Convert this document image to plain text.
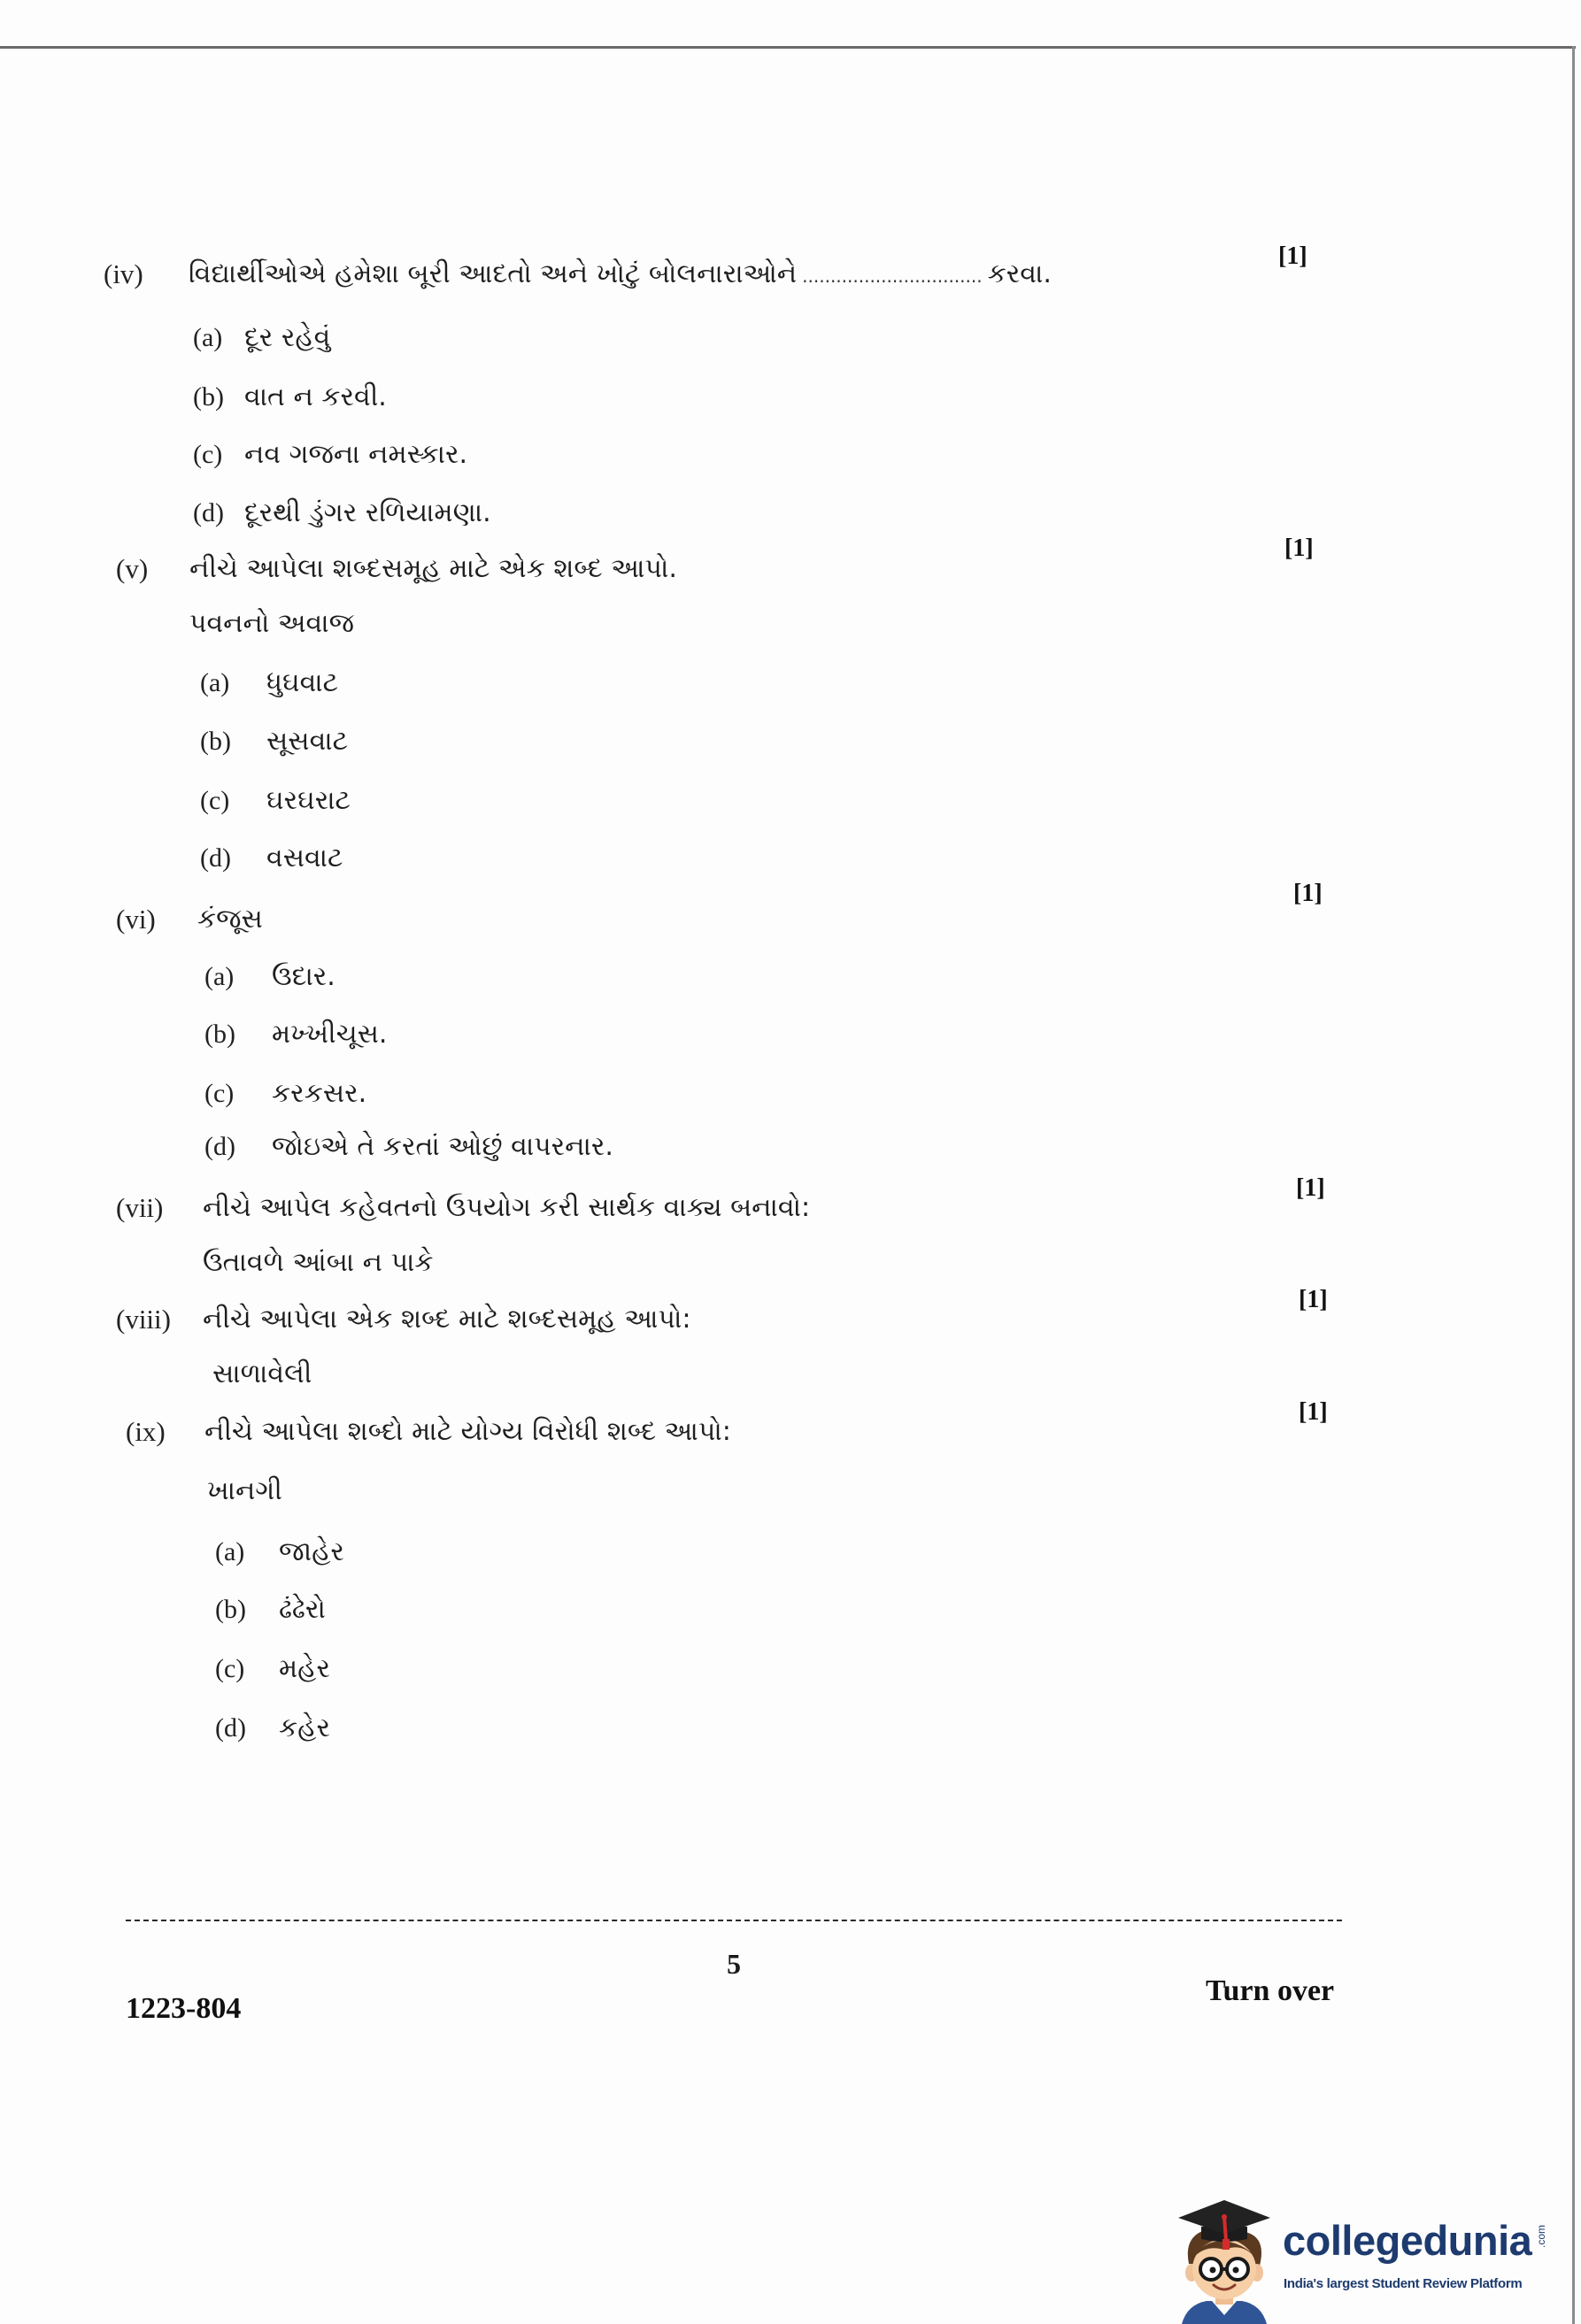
(iv) વિદ્યાર્થીઓએ હમેશા બૂરી આદતો અને ખોટું બોલનારાઓને ................................ કરવા.
[1]
(a) દૂર રહેવું
(b) વાત ન કરવી.
(c) નવ ગજના નમસ્કાર.
(d) દૂરથી ડુંગર રળિયામણા.
(v) નીચે આપેલા શબ્દસમૂહ માટે એક શબ્દ આપો.
[1]
પવનનો અવાજ
(a) ધુઘવાટ
(b) સૂસવાટ
(c) ઘરઘરાટ
(d) વસવાટ
(vi) કંજૂસ
[1]
(a) ઉદાર.
(b) મખ્ખીચૂસ.
(c) કરકસર.
(d) જોઇએ તે કરતાં ઓછું વાપરનાર.
(vii) નીચે આપેલ કહેવતનો ઉપયોગ કરી સાર્થક વાક્ય બનાવો:
[1]
ઉતાવળે આંબા ન પાકે
(viii) નીચે આપેલા એક શબ્દ માટે શબ્દસમૂહ આપો:
[1]
સાળાવેલી
(ix) નીચે આપેલા શબ્દો માટે યોગ્ય વિરોધી શબ્દ આપો:
[1]
ખાનગી
(a) જાહેર
(b) ઢંઢેરો
(c) મહેર
(d) કહેર
5
Turn over
1223-804
collegedunia .com
India's largest Student Review Platform
